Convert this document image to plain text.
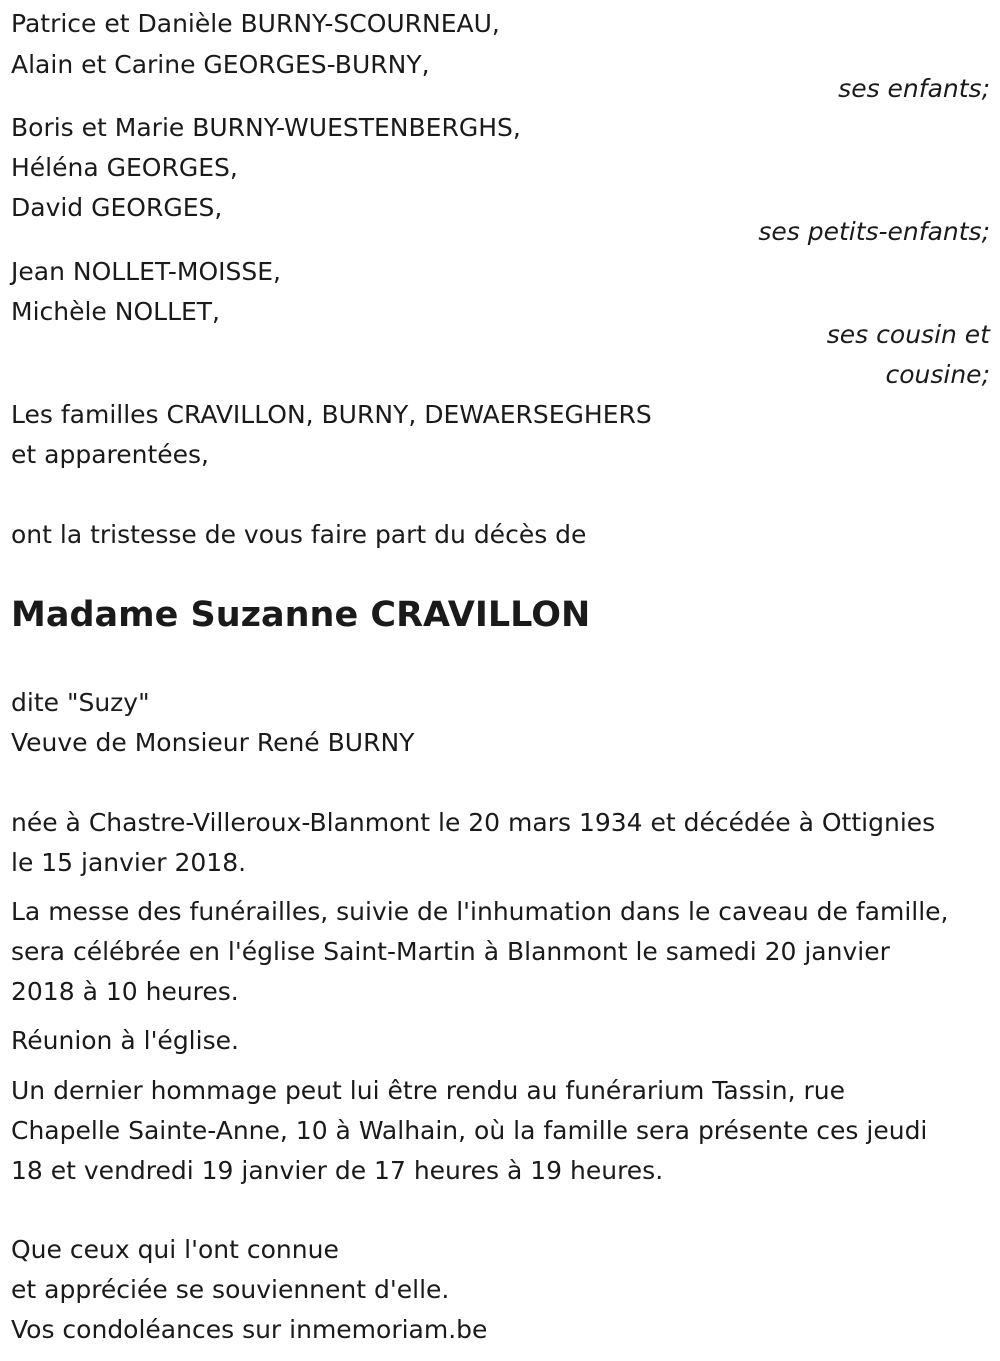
Patrice et Danièle BURNY-SCOURNEAU,
Alain et Carine GEORGES-BURNY,
ses enfants;
Boris et Marie BURNY-WUESTENBERGHS,
Héléna GEORGES,
David GEORGES,
ses petits-enfants;
Jean NOLLET-MOISSE,
Michèle NOLLET,
ses cousin et
cousine;
Les familles CRAVILLON, BURNY, DEWAERSEGHERS
et apparentées,
ont la tristesse de vous faire part du décès de
Madame Suzanne CRAVILLON
dite "Suzy"
Veuve de Monsieur René BURNY
née à Chastre-Villeroux-Blanmont le 20 mars 1934 et décédée à Ottignies
le 15 janvier 2018.
La messe des funérailles, suivie de l'inhumation dans le caveau de famille,
sera célébrée en l'église Saint-Martin à Blanmont le samedi 20 janvier
2018 à 10 heures.
Réunion à l'église.
Un dernier hommage peut lui être rendu au funérarium Tassin, rue
Chapelle Sainte-Anne, 10 à Walhain, où la famille sera présente ces jeudi
18 et vendredi 19 janvier de 17 heures à 19 heures.
Que ceux qui l'ont connue
et appréciée se souviennent d'elle.
Vos condoléances sur inmemoriam.be
